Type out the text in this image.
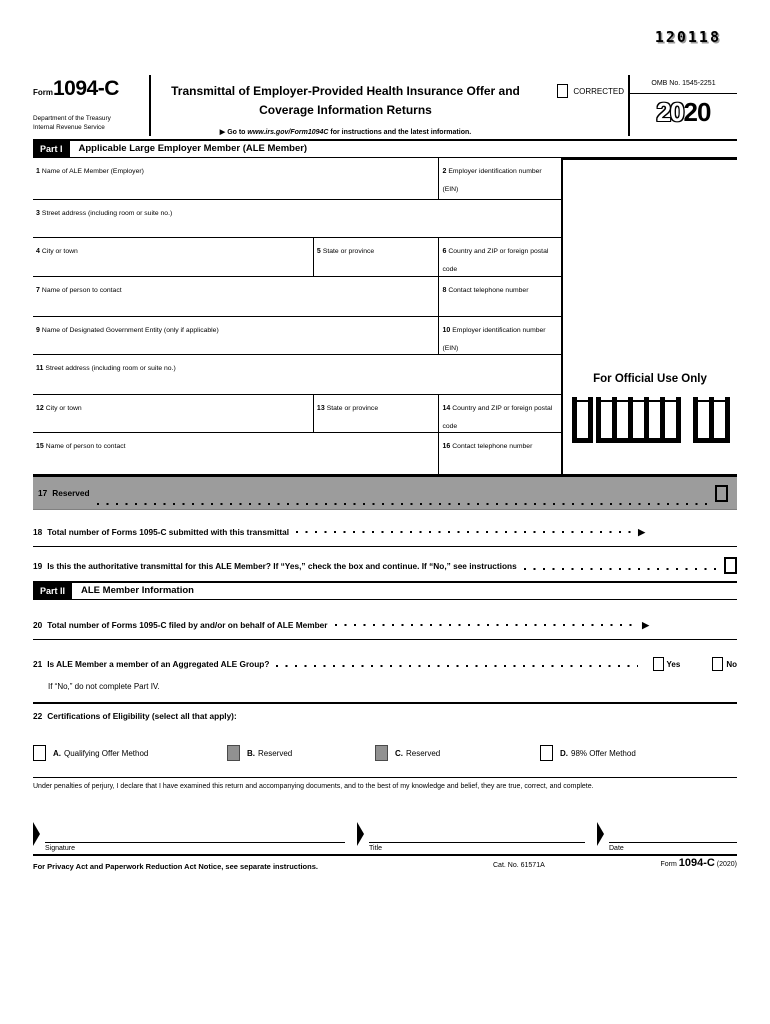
120118
Form1094-C
Department of the Treasury
Internal Revenue Service
Transmittal of Employer-Provided Health Insurance Offer and
Coverage Information Returns
▶ Go to www.irs.gov/Form1094C for instructions and the latest information.
CORRECTED
OMB No. 1545-2251
20 20
Part I	Applicable Large Employer Member (ALE Member)
1 Name of ALE Member (Employer)	2 Employer identification number (EIN)
3 Street address (including room or suite no.)
4 City or town	5 State or province	6 Country and ZIP or foreign postal code
7 Name of person to contact	8 Contact telephone number
9 Name of Designated Government Entity (only if applicable)	10 Employer identification number (EIN)
11 Street address (including room or suite no.)
12 City or town	13 State or province	14 Country and ZIP or foreign postal code
15 Name of person to contact	16 Contact telephone number
For Official Use Only
17 Reserved
18 Total number of Forms 1095-C submitted with this transmittal	▶
19 Is this the authoritative transmittal for this ALE Member? If “Yes,” check the box and continue. If “No,” see instructions
Part II	ALE Member Information
20 Total number of Forms 1095-C filed by and/or on behalf of ALE Member	▶
21 Is ALE Member a member of an Aggregated ALE Group?	Yes	No
If “No,” do not complete Part IV.
22 Certifications of Eligibility (select all that apply):
A. Qualifying Offer Method	B. Reserved	C. Reserved	D. 98% Offer Method
Under penalties of perjury, I declare that I have examined this return and accompanying documents, and to the best of my knowledge and belief, they are true, correct, and complete.
Signature	Title	Date
For Privacy Act and Paperwork Reduction Act Notice, see separate instructions.	Cat. No. 61571A	Form 1094-C (2020)
